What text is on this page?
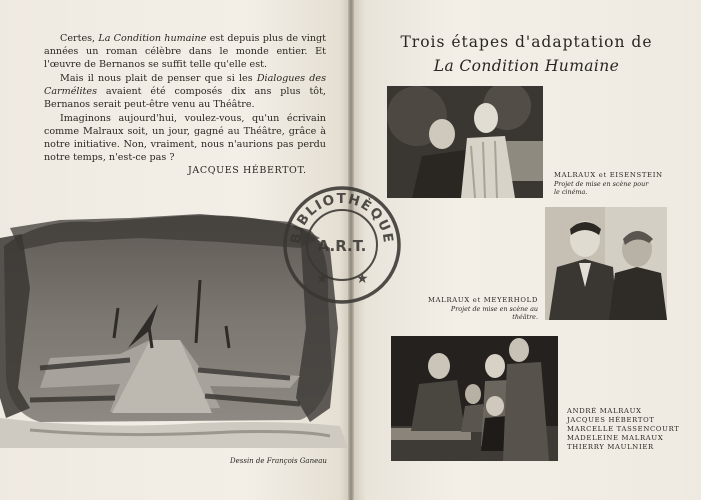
Certes, La Condition humaine est depuis plus de vingt années un roman célèbre dans le monde entier. Et l'œuvre de Bernanos se suffit telle qu'elle est.

Mais il nous plait de penser que si les Dialogues des Carmélites avaient été composés dix ans plus tôt, Bernanos serait peut-être venu au Théâtre.

Imaginons aujourd'hui, voulez-vous, qu'un écrivain comme Malraux soit, un jour, gagné au Théâtre, grâce à notre initiative. Non, vraiment, nous n'aurions pas perdu notre temps, n'est-ce pas ?

JACQUES HÉBERTOT.
Dessin de François Ganeau
Trois étapes d'adaptation de
La Condition Humaine
MALRAUX et EISENSTEIN
Projet de mise en scène pour
le cinéma.
MALRAUX et MEYERHOLD
Projet de mise en scène au
théâtre.
ANDRÉ MALRAUX
JACQUES HÉBERTOT
MARCELLE TASSENCOURT
MADELEINE MALRAUX
THIERRY MAULNIER
BIBLIOTHÈQUE
A.R.T.
★ ★
